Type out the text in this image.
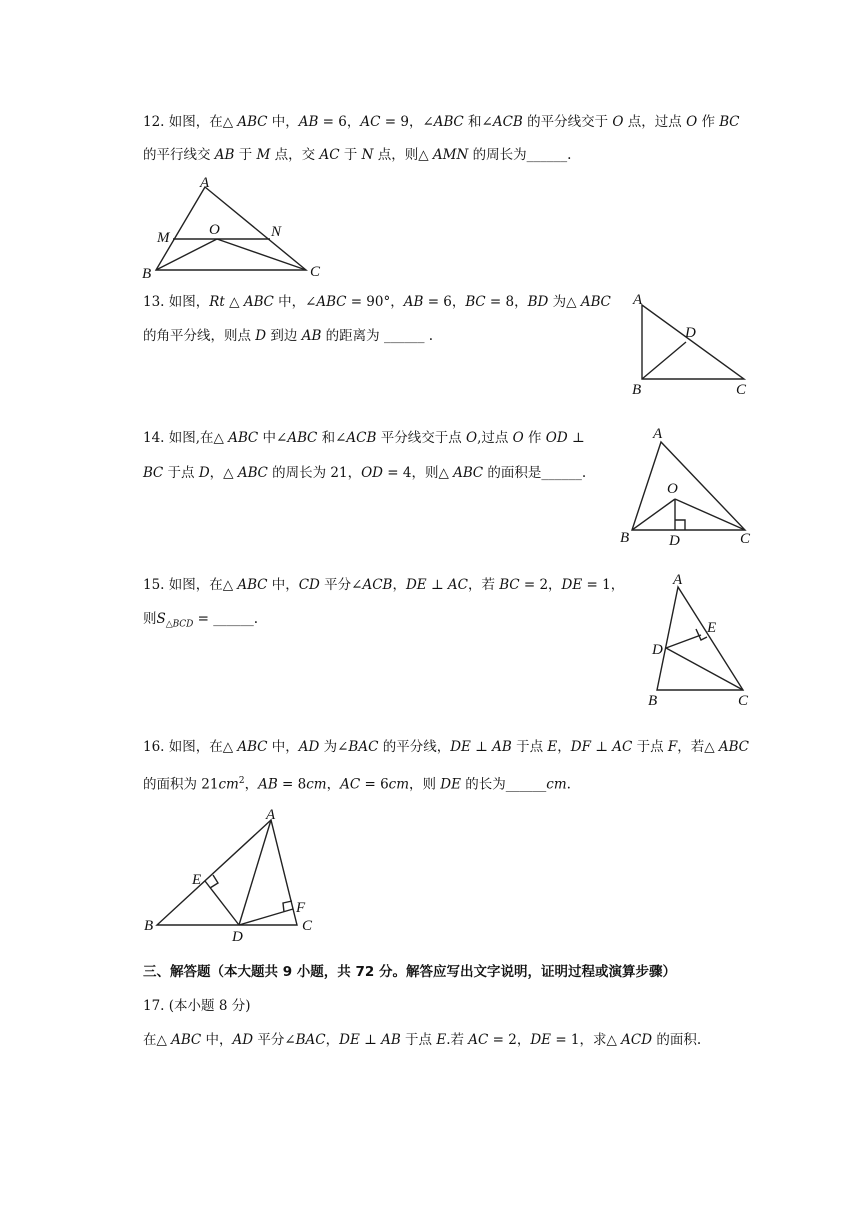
12. 如图，在△ 𝐴𝐵𝐶 中，𝐴𝐵 = 6，𝐴𝐶 = 9，∠𝐴𝐵𝐶 和∠𝐴𝐶𝐵 的平分线交于 𝑂 点，过点 𝑂 作 𝐵𝐶
的平行线交 𝐴𝐵 于 𝑀 点，交 𝐴𝐶 于 𝑁 点，则△ 𝐴𝑀𝑁 的周长为______.
A
M	O	N
B	C
13. 如图，𝑅𝑡 △ 𝐴𝐵𝐶 中，∠𝐴𝐵𝐶 = 90°，𝐴𝐵 = 6，𝐵𝐶 = 8，𝐵𝐷 为△ 𝐴𝐵𝐶
的角平分线，则点 𝐷 到边 𝐴𝐵 的距离为 ______ .
A
D
B	C
14. 如图,在△ 𝐴𝐵𝐶 中∠𝐴𝐵𝐶 和∠𝐴𝐶𝐵 平分线交于点 𝑂,过点 𝑂 作 𝑂𝐷 ⊥
𝐵𝐶 于点 𝐷，△ 𝐴𝐵𝐶 的周长为 21，𝑂𝐷 = 4，则△ 𝐴𝐵𝐶 的面积是______.
A
O
B	D	C
15. 如图，在△ 𝐴𝐵𝐶 中，𝐶𝐷 平分∠𝐴𝐶𝐵，𝐷𝐸 ⊥ 𝐴𝐶，若 𝐵𝐶 = 2，𝐷𝐸 = 1，
则𝑆$_{\triangle 𝐵𝐶𝐷}$ = ______.
A
E
D
B	C
16. 如图，在△ 𝐴𝐵𝐶 中，𝐴𝐷 为∠𝐵𝐴𝐶 的平分线，𝐷𝐸 ⊥ 𝐴𝐵 于点 𝐸，𝐷𝐹 ⊥ 𝐴𝐶 于点 𝐹，若△ 𝐴𝐵𝐶
的面积为 21𝑐𝑚$^2$，𝐴𝐵 = 8𝑐𝑚，𝐴𝐶 = 6𝑐𝑚，则 𝐷𝐸 的长为______𝑐𝑚.
A
E
F
B
D
C
三、解答题（本大题共 9 小题，共 72 分。解答应写出文字说明，证明过程或演算步骤）
17. (本小题 8 分)
在△ 𝐴𝐵𝐶 中，𝐴𝐷 平分∠𝐵𝐴𝐶，𝐷𝐸 ⊥ 𝐴𝐵 于点 𝐸.若 𝐴𝐶 = 2，𝐷𝐸 = 1，求△ 𝐴𝐶𝐷 的面积.
